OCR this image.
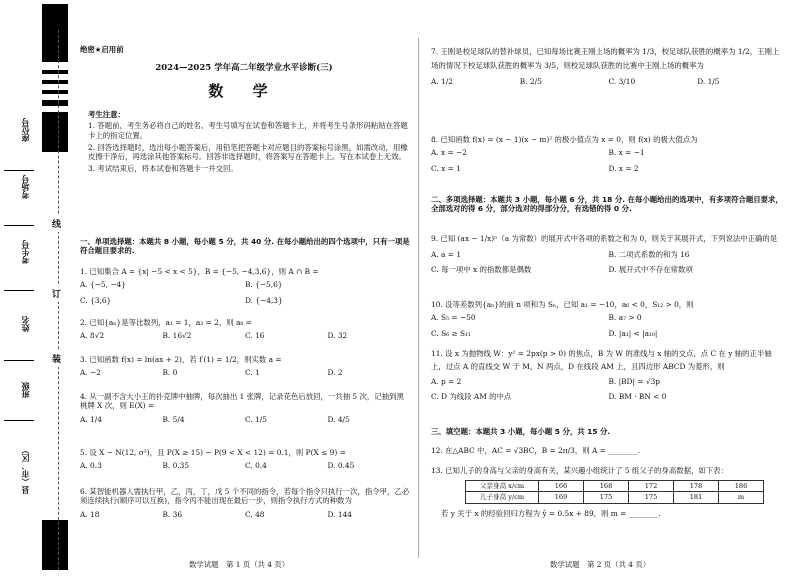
线
订
装
座位号
考场号
考生号
姓名
班级
县（市、区）
绝密★启用前
2024—2025 学年高二年级学业水平诊断(三)
数 学

考生注意：

1. 答题前，考生务必将自己的姓名、考生号填写在试卷和答题卡上，并将考生号条形码粘贴在答题卡上的指定位置。

2. 回答选择题时，选出每小题答案后，用铅笔把答题卡对应题目的答案标号涂黑。如需改动，用橡皮擦干净后，再选涂其他答案标号。回答非选择题时，将答案写在答题卡上。写在本试卷上无效。

3. 考试结束后，将本试卷和答题卡一并交回。

一、单项选择题：本题共 8 小题，每小题 5 分，共 40 分. 在每小题给出的四个选项中，只有一项是符合题目要求的.

1. 已知集合 A = {x| −5 < x < 5}，B = {−5, −4,3,6}，则 A ∩ B =

A. {−5, −4}	B. {−5,6}
C. {3,6}	D. {−4,3}

2. 已知{aₙ}是等比数列，a₁ = 1，a₃ = 2，则 a₈ =

A. 8√2	B. 16√2	C. 16	D. 32

3. 已知函数 f(x) = ln(ax + 2)，若 f′(1) = 1/2，则实数 a =

A. −2	B. 0	C. 1	D. 2

4. 从一副不含大小王的扑克牌中抽牌，每次抽出 1 张牌，记录花色后放回，一共抽 5 次，记抽到黑桃牌 X 次，则 E(X) =

A. 1/4	B. 5/4	C. 1/5	D. 4/5

5. 设 X ~ N(12, σ²)，且 P(X ≥ 15) − P(9 < X < 12) = 0.1，则 P(X ≤ 9) =

A. 0.3	B. 0.35	C. 0.4	D. 0.45

6. 某智能机器人需执行甲，乙，丙，丁，戊 5 个不同的指令，若每个指令只执行一次，指令甲，乙必须连续执行(顺序可以互换)，指令丙不能出现在最后一步，则指令执行方式的种数为

A. 18	B. 36	C. 48	D. 144
数学试题　第 1 页（共 4 页）

7. 王刚是校足球队的替补球员，已知每场比赛王刚上场的概率为 1/3，校足球队获胜的概率为 1/2，王刚上场的情况下校足球队获胜的概率为 3/5，则校足球队获胜的比赛中王刚上场的概率为

A. 1/2	B. 2/5	C. 3/10	D. 1/5

8. 已知函数 f(x) = (x − 1)(x − m)² 的极小值点为 x = 0，则 f(x) 的极大值点为

A. x = −2	B. x = −1
C. x = 1	D. x = 2
二、多项选择题：本题共 3 小题，每小题 6 分，共 18 分. 在每小题给出的选项中，有多项符合题目要求，全部选对的得 6 分，部分选对的得部分分，有选错的得 0 分.

9. 已知 (ax − 1/x)ⁿ（a 为常数）的展开式中各项的系数之和为 0，则关于其展开式，下列说法中正确的是

A. a = 1	B. 二项式系数的和为 16
C. 每一项中 x 的指数都是偶数	D. 展开式中不存在常数项

10. 设等差数列{aₙ}的前 n 项和为 Sₙ，已知 a₁ = −10，a₆ < 0，S₁₂ > 0，则

A. S₅ = −50	B. a₇ > 0
C. S₆ ≥ S₁₁	D. |a₁| < |a₁₀|

11. 设 x 为抛物线 W：y² = 2px(p > 0) 的焦点，B 为 W 的准线与 x 轴的交点，点 C 在 y 轴的正半轴上，过点 A 的直线交 W 于 M，N 两点，D 在线段 AM 上，且四边形 ABCD 为菱形，则

A. p = 2	B. |BD| = √3p
C. D 为线段 AM 的中点	D. BM · BN < 0
三、填空题：本题共 3 小题，每小题 5 分，共 15 分.
12. 在△ABC 中，AC = √3BC，B = 2π/3，则 A = ________.

13. 已知儿子的身高与父亲的身高有关，某兴趣小组统计了 5 组父子的身高数据，如下表：

父亲身高 x/cm	166	168	172	178	186
儿子身高 y/cm	169	175	175	181	m

若 y 关于 x 的经验回归方程为 ŷ = 0.5x + 89，则 m = ________.

数学试题　第 2 页（共 4 页）
